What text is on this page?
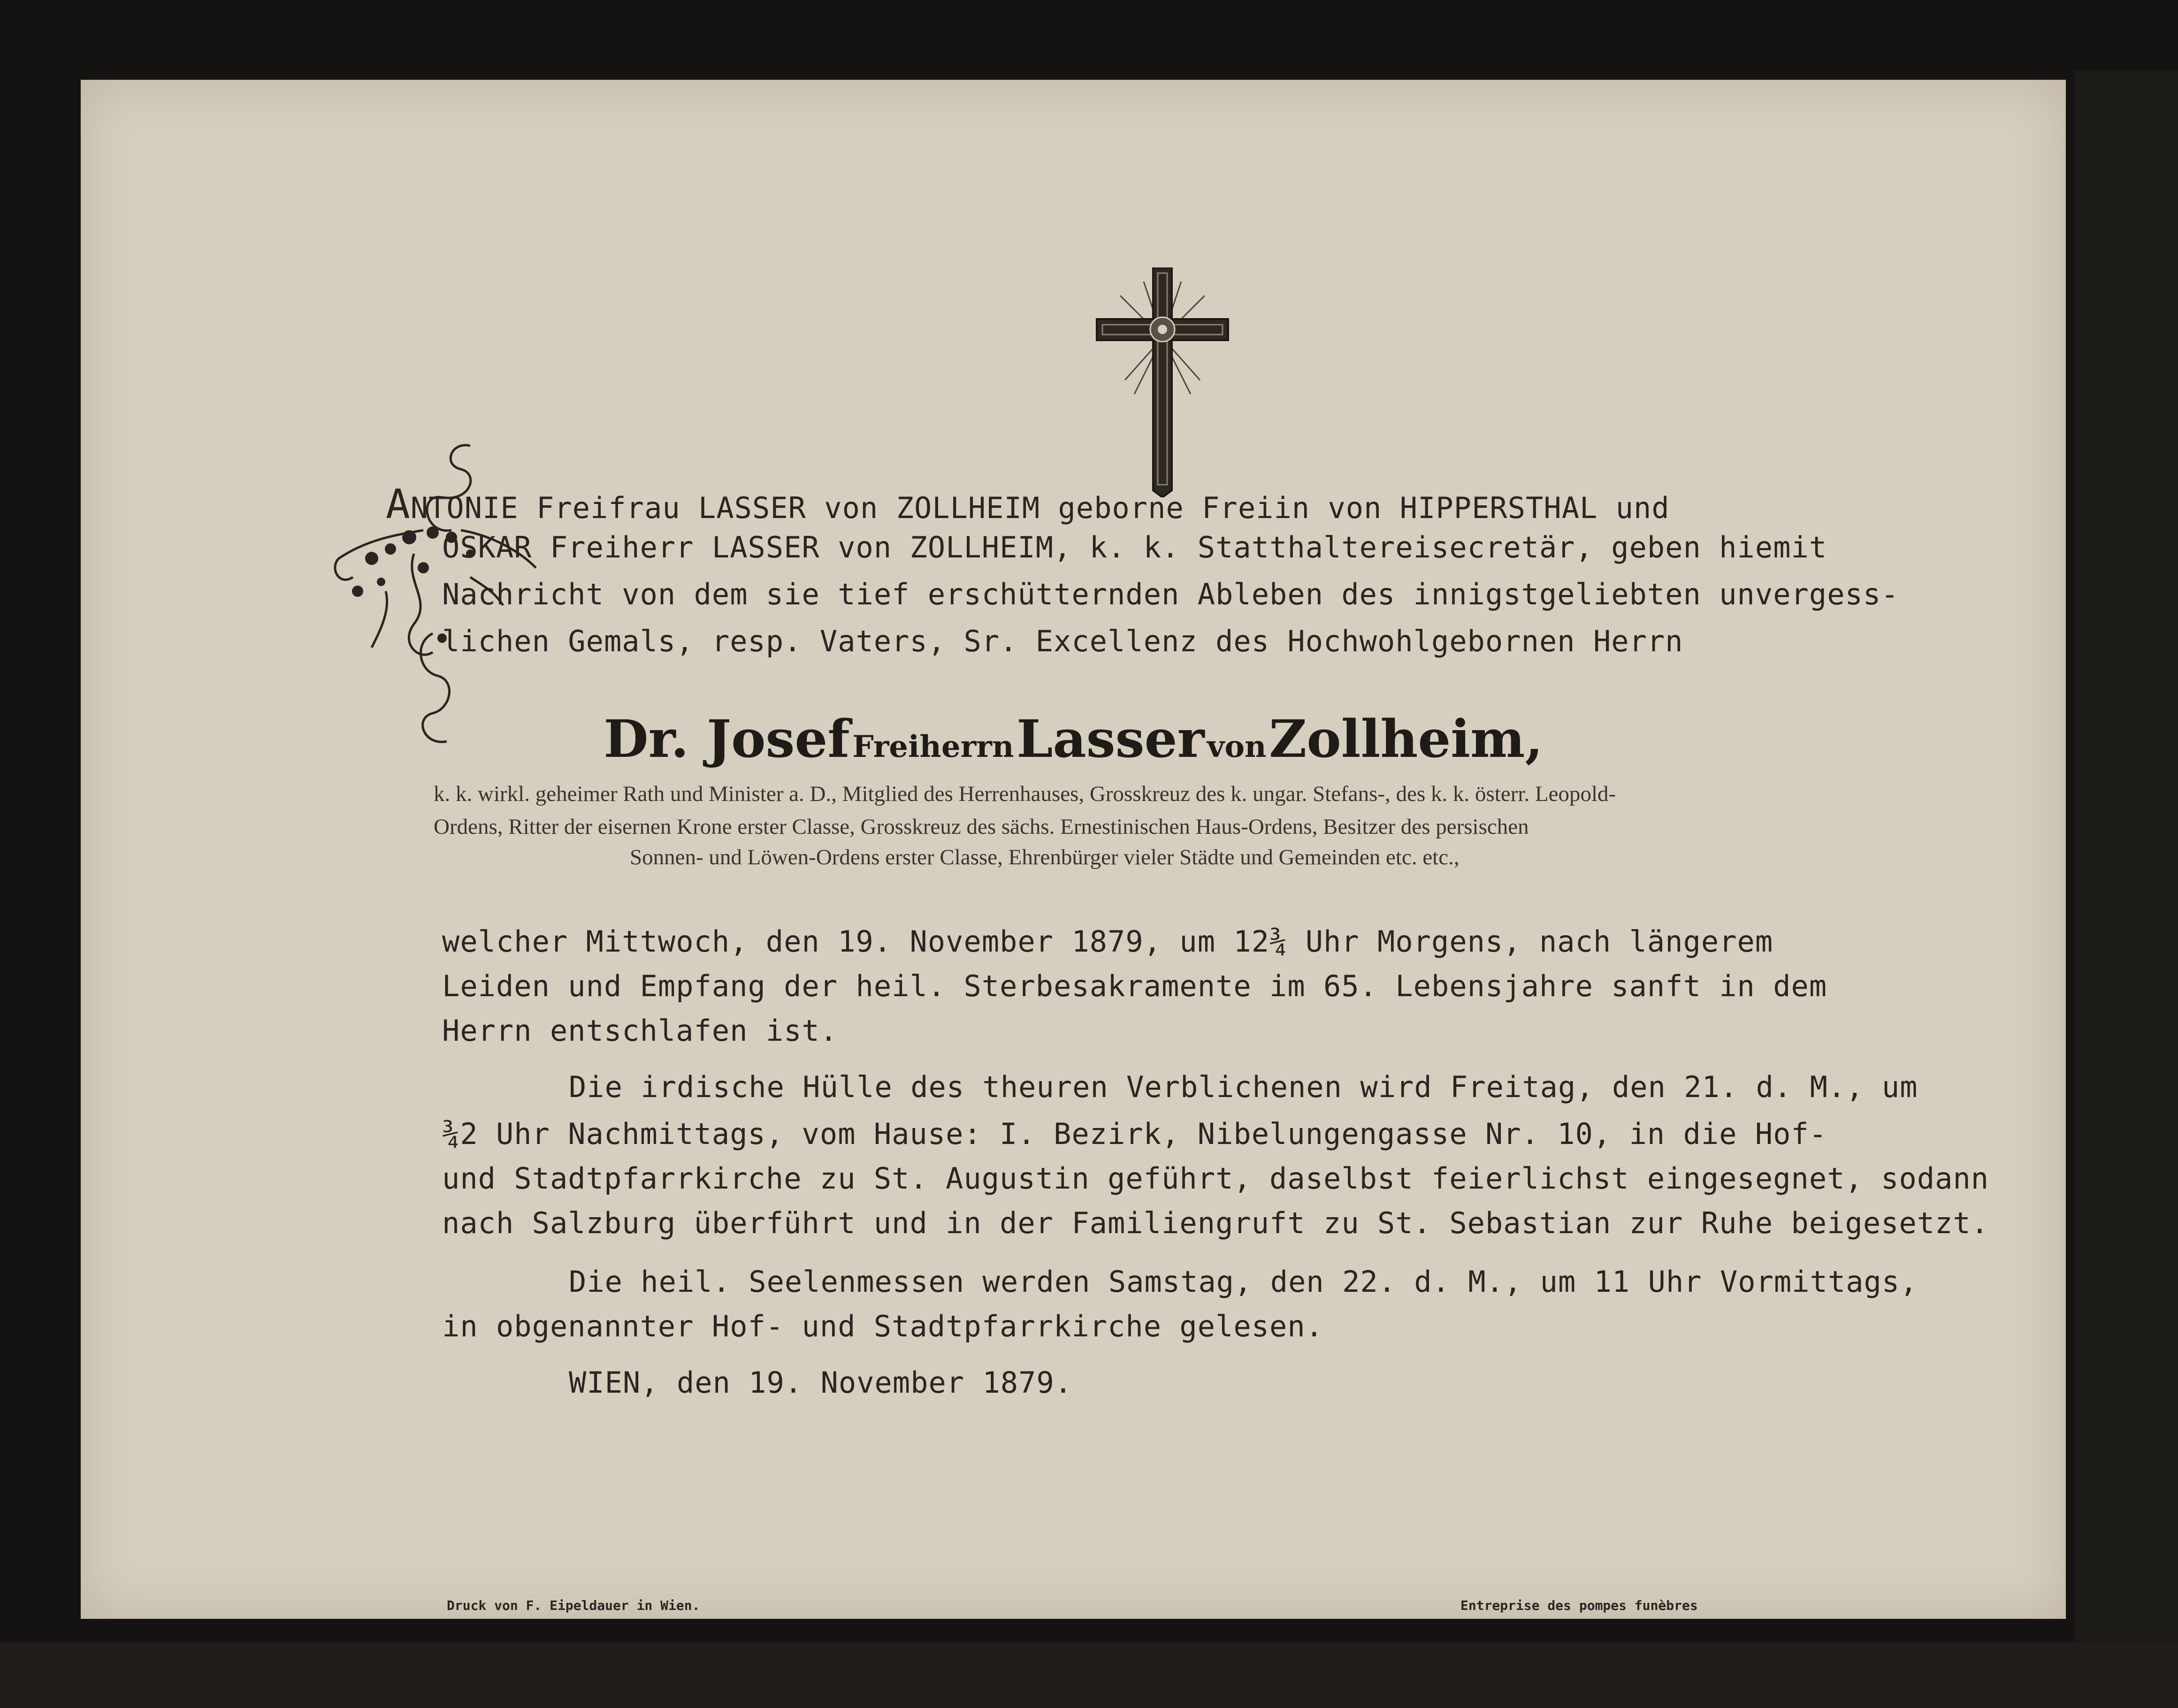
ANTONIE Freifrau LASSER von ZOLLHEIM geborne Freiin von HIPPERSTHAL und
OSKAR Freiherr LASSER von ZOLLHEIM, k. k. Statthaltereisecretär, geben hiemit
Nachricht von dem sie tief erschütternden Ableben des innigstgeliebten unvergess-
lichen Gemals, resp. Vaters, Sr. Excellenz des Hochwohlgebornen Herrn
Dr. Josef Freiherrn Lasser von Zollheim,
k. k. wirkl. geheimer Rath und Minister a. D., Mitglied des Herrenhauses, Grosskreuz des k. ungar. Stefans-, des k. k. österr. Leopold-
Ordens, Ritter der eisernen Krone erster Classe, Grosskreuz des sächs. Ernestinischen Haus-Ordens, Besitzer des persischen
Sonnen- und Löwen-Ordens erster Classe, Ehrenbürger vieler Städte und Gemeinden etc. etc.,
welcher Mittwoch, den 19. November 1879, um 12¾ Uhr Morgens, nach längerem
Leiden und Empfang der heil. Sterbesakramente im 65. Lebensjahre sanft in dem
Herrn entschlafen ist.
Die irdische Hülle des theuren Verblichenen wird Freitag, den 21. d. M., um
¾2 Uhr Nachmittags, vom Hause: I. Bezirk, Nibelungengasse Nr. 10, in die Hof-
und Stadtpfarrkirche zu St. Augustin geführt, daselbst feierlichst eingesegnet, sodann
nach Salzburg überführt und in der Familiengruft zu St. Sebastian zur Ruhe beigesetzt.
Die heil. Seelenmessen werden Samstag, den 22. d. M., um 11 Uhr Vormittags,
in obgenannter Hof- und Stadtpfarrkirche gelesen.
WIEN, den 19. November 1879.
Druck von F. Eipeldauer in Wien.	Entreprise des pompes funèbres
